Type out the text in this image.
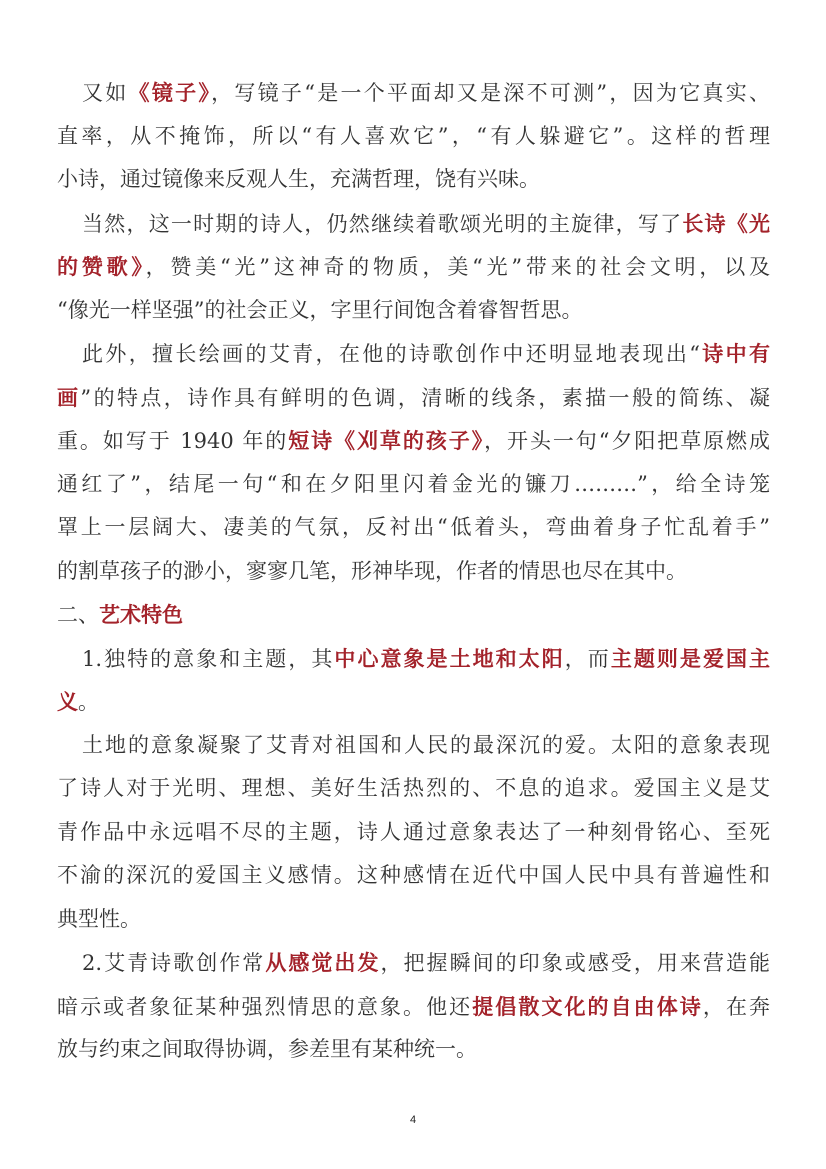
又如《镜子》，写镜子“是一个平面却又是深不可测”，因为它真实、
直率，从不掩饰，所以“有人喜欢它”，“有人躲避它”。这样的哲理
小诗，通过镜像来反观人生，充满哲理，饶有兴味。
当然，这一时期的诗人，仍然继续着歌颂光明的主旋律，写了长诗《光
的赞歌》，赞美“光”这神奇的物质，美“光”带来的社会文明，以及
“像光一样坚强”的社会正义，字里行间饱含着睿智哲思。
此外，擅长绘画的艾青，在他的诗歌创作中还明显地表现出“诗中有
画”的特点，诗作具有鲜明的色调，清晰的线条，素描一般的简练、凝
重。如写于 1940 年的短诗《刈草的孩子》，开头一句“夕阳把草原燃成
通红了”，结尾一句“和在夕阳里闪着金光的镰刀………”，给全诗笼
罩上一层阔大、凄美的气氛，反衬出“低着头，弯曲着身子忙乱着手”
的割草孩子的渺小，寥寥几笔，形神毕现，作者的情思也尽在其中。
二、艺术特色
1.独特的意象和主题，其中心意象是土地和太阳，而主题则是爱国主
义。
土地的意象凝聚了艾青对祖国和人民的最深沉的爱。太阳的意象表现
了诗人对于光明、理想、美好生活热烈的、不息的追求。爱国主义是艾
青作品中永远唱不尽的主题，诗人通过意象表达了一种刻骨铭心、至死
不渝的深沉的爱国主义感情。这种感情在近代中国人民中具有普遍性和
典型性。
2.艾青诗歌创作常从感觉出发，把握瞬间的印象或感受，用来营造能
暗示或者象征某种强烈情思的意象。他还提倡散文化的自由体诗，在奔
放与约束之间取得协调，参差里有某种统一。
4
